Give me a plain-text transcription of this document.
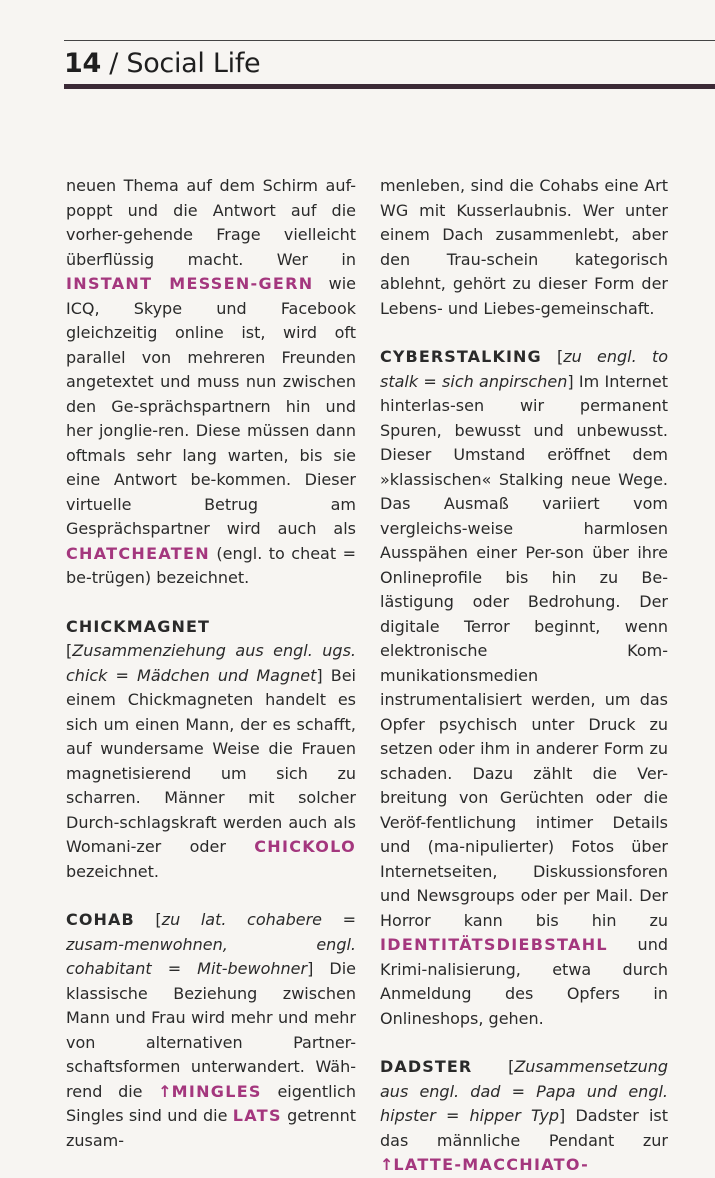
14 / Social Life

neuen Thema auf dem Schirm auf-poppt und die Antwort auf die vorher-gehende Frage vielleicht überflüssig macht. Wer in INSTANT MESSEN-GERN wie ICQ, Skype und Facebook gleichzeitig online ist, wird oft parallel von mehreren Freunden angetextet und muss nun zwischen den Ge-sprächspartnern hin und her jonglie-ren. Diese müssen dann oftmals sehr lang warten, bis sie eine Antwort be-kommen. Dieser virtuelle Betrug am Gesprächspartner wird auch als CHATCHEATEN (engl. to cheat = be-trügen) bezeichnet.

CHICKMAGNET [Zusammenziehung aus engl. ugs. chick = Mädchen und Magnet] Bei einem Chickmagneten handelt es sich um einen Mann, der es schafft, auf wundersame Weise die Frauen magnetisierend um sich zu scharren. Männer mit solcher Durch-schlagskraft werden auch als Womani-zer oder CHICKOLO bezeichnet.

COHAB [zu lat. cohabere = zusam-menwohnen, engl. cohabitant = Mit-bewohner] Die klassische Beziehung zwischen Mann und Frau wird mehr und mehr von alternativen Partner-schaftsformen unterwandert. Wäh-rend die ↑MINGLES eigentlich Singles sind und die LATS getrennt zusam-

menleben, sind die Cohabs eine Art WG mit Kusserlaubnis. Wer unter einem Dach zusammenlebt, aber den Trau-schein kategorisch ablehnt, gehört zu dieser Form der Lebens- und Liebes-gemeinschaft.

CYBERSTALKING [zu engl. to stalk = sich anpirschen] Im Internet hinterlas-sen wir permanent Spuren, bewusst und unbewusst. Dieser Umstand eröffnet dem »klassischen« Stalking neue Wege. Das Ausmaß variiert vom vergleichs-weise harmlosen Ausspähen einer Per-son über ihre Onlineprofile bis hin zu Be-lästigung oder Bedrohung. Der digitale Terror beginnt, wenn elektronische Kom-munikationsmedien instrumentalisiert werden, um das Opfer psychisch unter Druck zu setzen oder ihm in anderer Form zu schaden. Dazu zählt die Ver-breitung von Gerüchten oder die Veröf-fentlichung intimer Details und (ma-nipulierter) Fotos über Internetseiten, Diskussionsforen und Newsgroups oder per Mail. Der Horror kann bis hin zu IDENTITÄTSDIEBSTAHL und Krimi-nalisierung, etwa durch Anmeldung des Opfers in Onlineshops, gehen.

DADSTER [Zusammensetzung aus engl. dad = Papa und engl. hipster = hipper Typ] Dadster ist das männliche Pendant zur ↑LATTE-MACCHIATO-
